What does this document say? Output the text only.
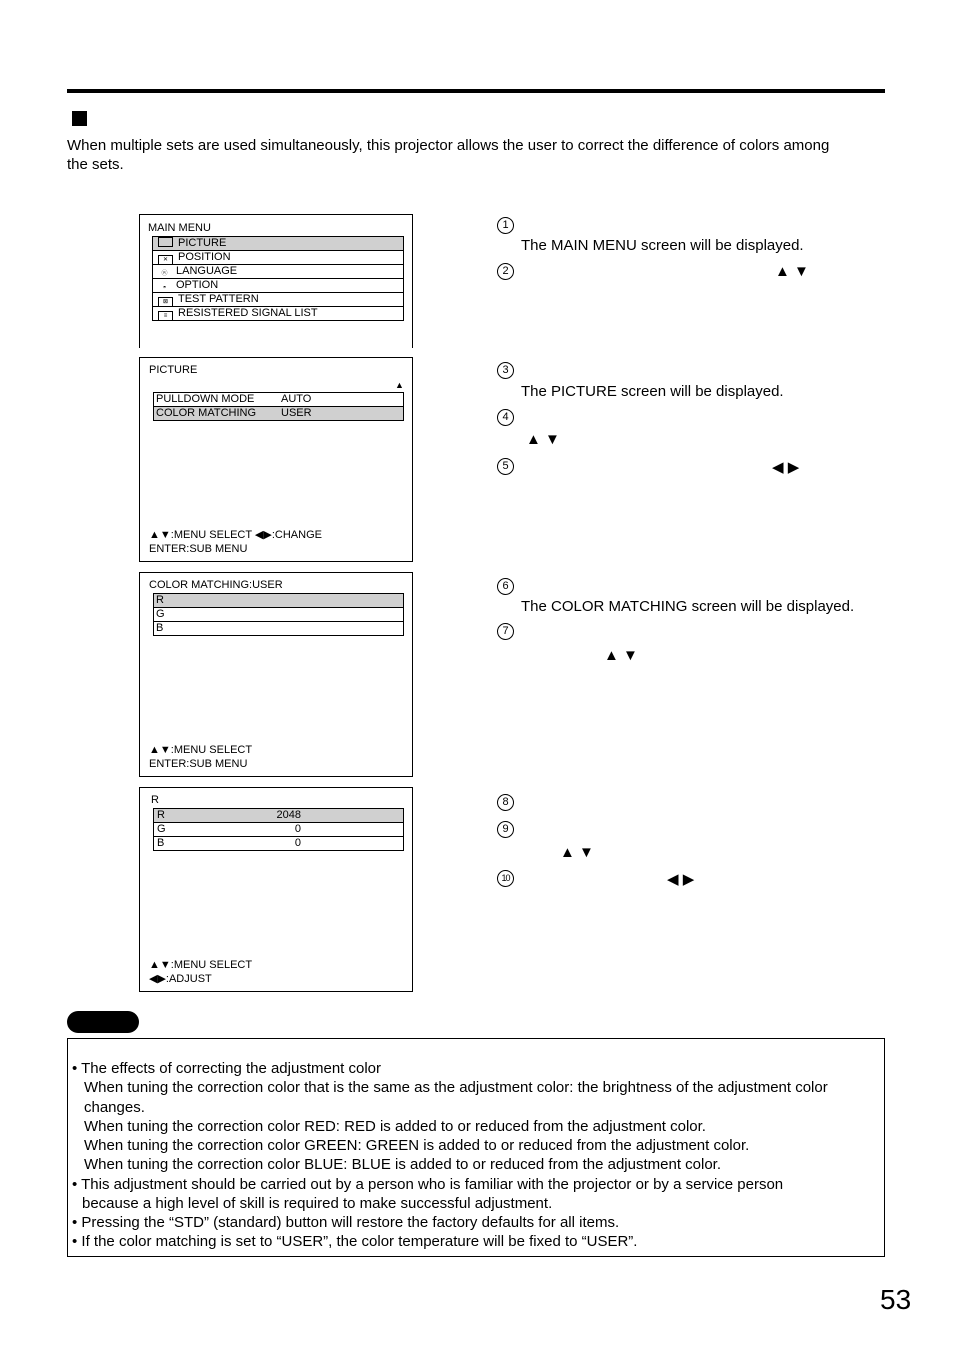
When multiple sets are used simultaneously, this projector allows the user to correct the difference of colors among
the sets.
MAIN MENU
PICTURE
✕ POSITION
ⓦ LANGUAGE
◓ OPTION
⊠ TEST PATTERN
≡ RESISTERED SIGNAL LIST
PICTURE
▲
PULLDOWN MODE AUTO
COLOR MATCHING USER
▲▼:MENU SELECT ◀▶:CHANGE
ENTER:SUB MENU
COLOR MATCHING:USER
R
G
B
▲▼:MENU SELECT
ENTER:SUB MENU
R
R	2048
G	0
B	0
▲▼:MENU SELECT
◀▶:ADJUST
1
The MAIN MENU screen will be displayed.
2	▲ ▼
3
The PICTURE screen will be displayed.
4
▲ ▼
5	◀ ▶
6
The COLOR MATCHING screen will be displayed.
7
▲ ▼
8
9
▲ ▼
10	◀ ▶
• The effects of correcting the adjustment color
When tuning the correction color that is the same as the adjustment color: the brightness of the adjustment color
changes.
When tuning the correction color RED: RED is added to or reduced from the adjustment color.
When tuning the correction color GREEN: GREEN is added to or reduced from the adjustment color.
When tuning the correction color BLUE: BLUE is added to or reduced from the adjustment color.
• This adjustment should be carried out by a person who is familiar with the projector or by a service person
because a high level of skill is required to make successful adjustment.
• Pressing the “STD” (standard) button will restore the factory defaults for all items.
• If the color matching is set to “USER”, the color temperature will be fixed to “USER”.
53
